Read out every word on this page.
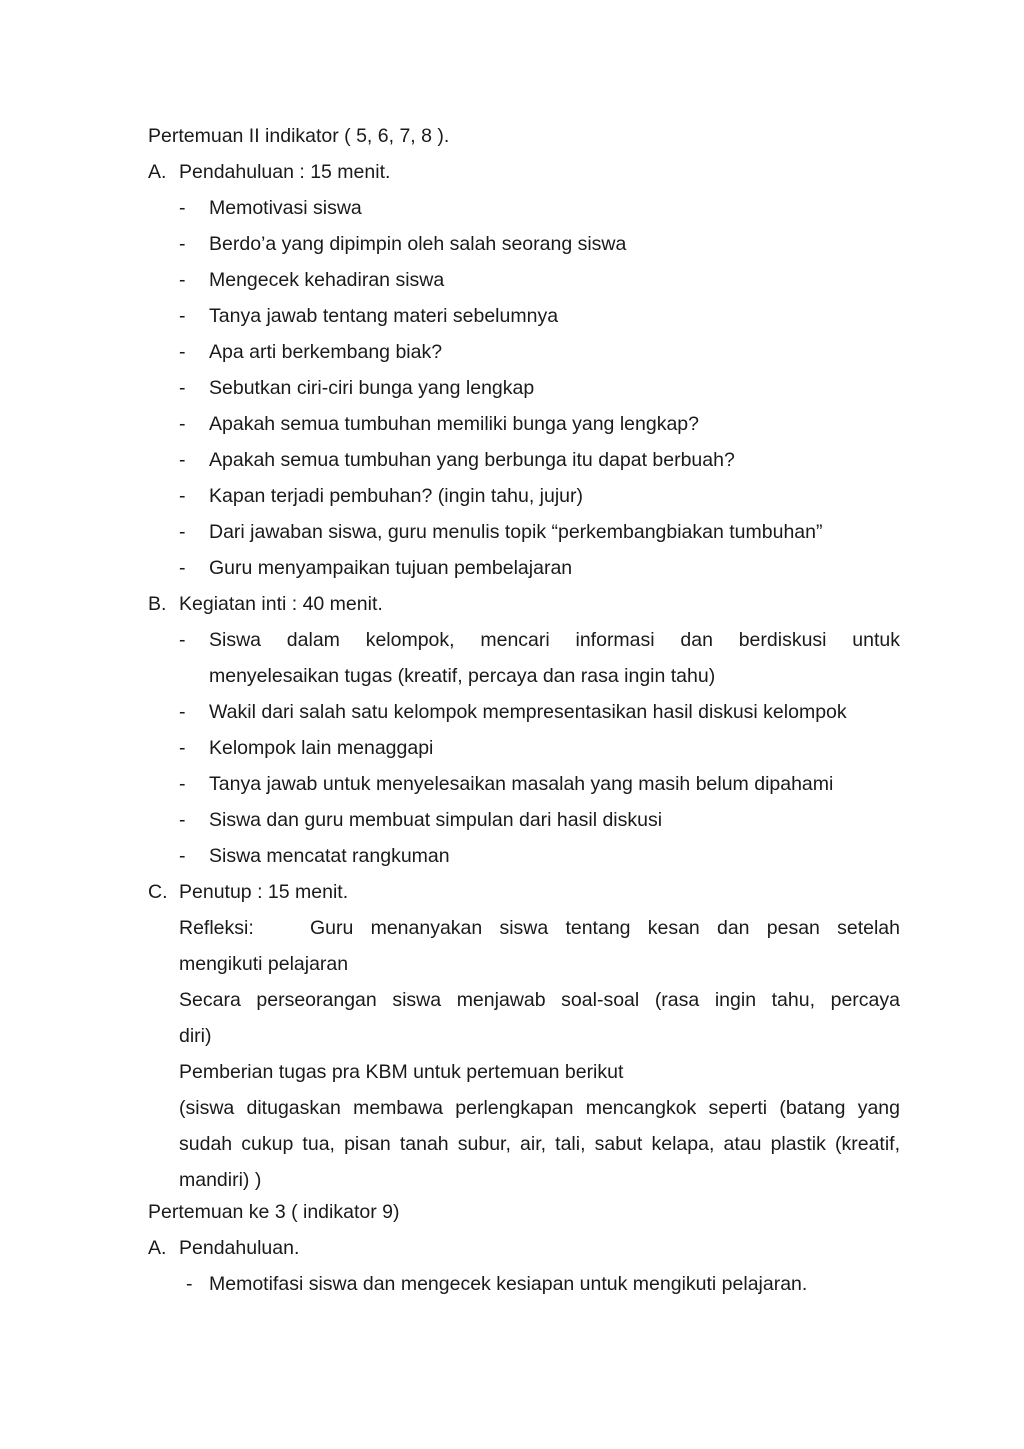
Pertemuan II indikator ( 5, 6, 7, 8 ).
A. Pendahuluan : 15 menit.
- Memotivasi siswa
- Berdo’a yang dipimpin oleh salah seorang siswa
- Mengecek kehadiran siswa
- Tanya jawab tentang materi sebelumnya
- Apa arti berkembang biak?
- Sebutkan ciri-ciri bunga yang lengkap
- Apakah semua tumbuhan memiliki bunga yang lengkap?
- Apakah semua tumbuhan yang berbunga itu dapat berbuah?
- Kapan terjadi pembuhan? (ingin tahu, jujur)
- Dari jawaban siswa, guru menulis topik “perkembangbiakan tumbuhan”
- Guru menyampaikan tujuan pembelajaran
B. Kegiatan inti : 40 menit.
- Siswa dalam kelompok, mencari informasi dan berdiskusi untuk
menyelesaikan tugas (kreatif, percaya dan rasa ingin tahu)
- Wakil dari salah satu kelompok mempresentasikan hasil diskusi kelompok
- Kelompok lain menaggapi
- Tanya jawab untuk menyelesaikan masalah yang masih belum dipahami
- Siswa dan guru membuat simpulan dari hasil diskusi
- Siswa mencatat rangkuman
C. Penutup : 15 menit.
Refleksi:	Guru menanyakan siswa tentang kesan dan pesan setelah
mengikuti pelajaran
Secara perseorangan siswa menjawab soal-soal (rasa ingin tahu, percaya
diri)
Pemberian tugas pra KBM untuk pertemuan berikut
(siswa ditugaskan membawa perlengkapan mencangkok seperti (batang yang
sudah cukup tua, pisan tanah subur, air, tali, sabut kelapa, atau plastik (kreatif,
mandiri) )
Pertemuan ke 3 ( indikator 9)
A. Pendahuluan.
- Memotifasi siswa dan mengecek kesiapan untuk mengikuti pelajaran.
